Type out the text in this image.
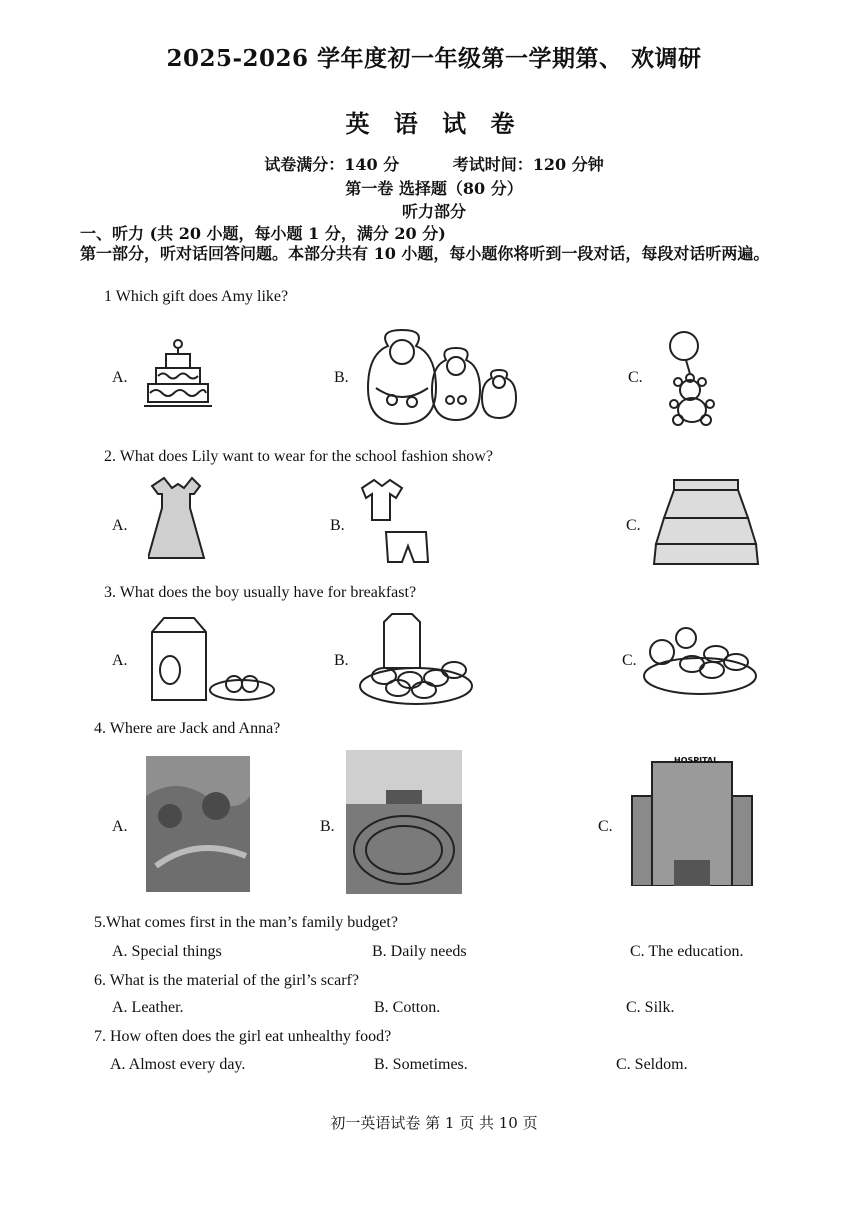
2025-2026 学年度初一年级第一学期第、 欢调研
英 语 试 卷
试卷满分：140 分	考试时间：120 分钟
第一卷 选择题（80 分）
听力部分
一、听力 (共 20 小题，每小题 1 分，满分 20 分)
第一部分，听对话回答问题。本部分共有 10 小题，每小题你将听到一段对话，每段对话听两遍。
1 Which gift does Amy like?
A.	B.	C.
2. What does Lily want to wear for the school fashion show?
A.	B.	C.
3. What does the boy usually have for breakfast?
A.	B.	C.
4. Where are Jack and Anna?
A.	B.	C.
HOSPITAL
5.What comes first in the man’s family budget?
A. Special things	B. Daily needs	C. The education.
6. What is the material of the girl’s scarf?
A. Leather.	B. Cotton.	C. Silk.
7. How often does the girl eat unhealthy food?
A. Almost every day.	B. Sometimes.	C. Seldom.
初一英语试卷 第 1 页 共 10 页
